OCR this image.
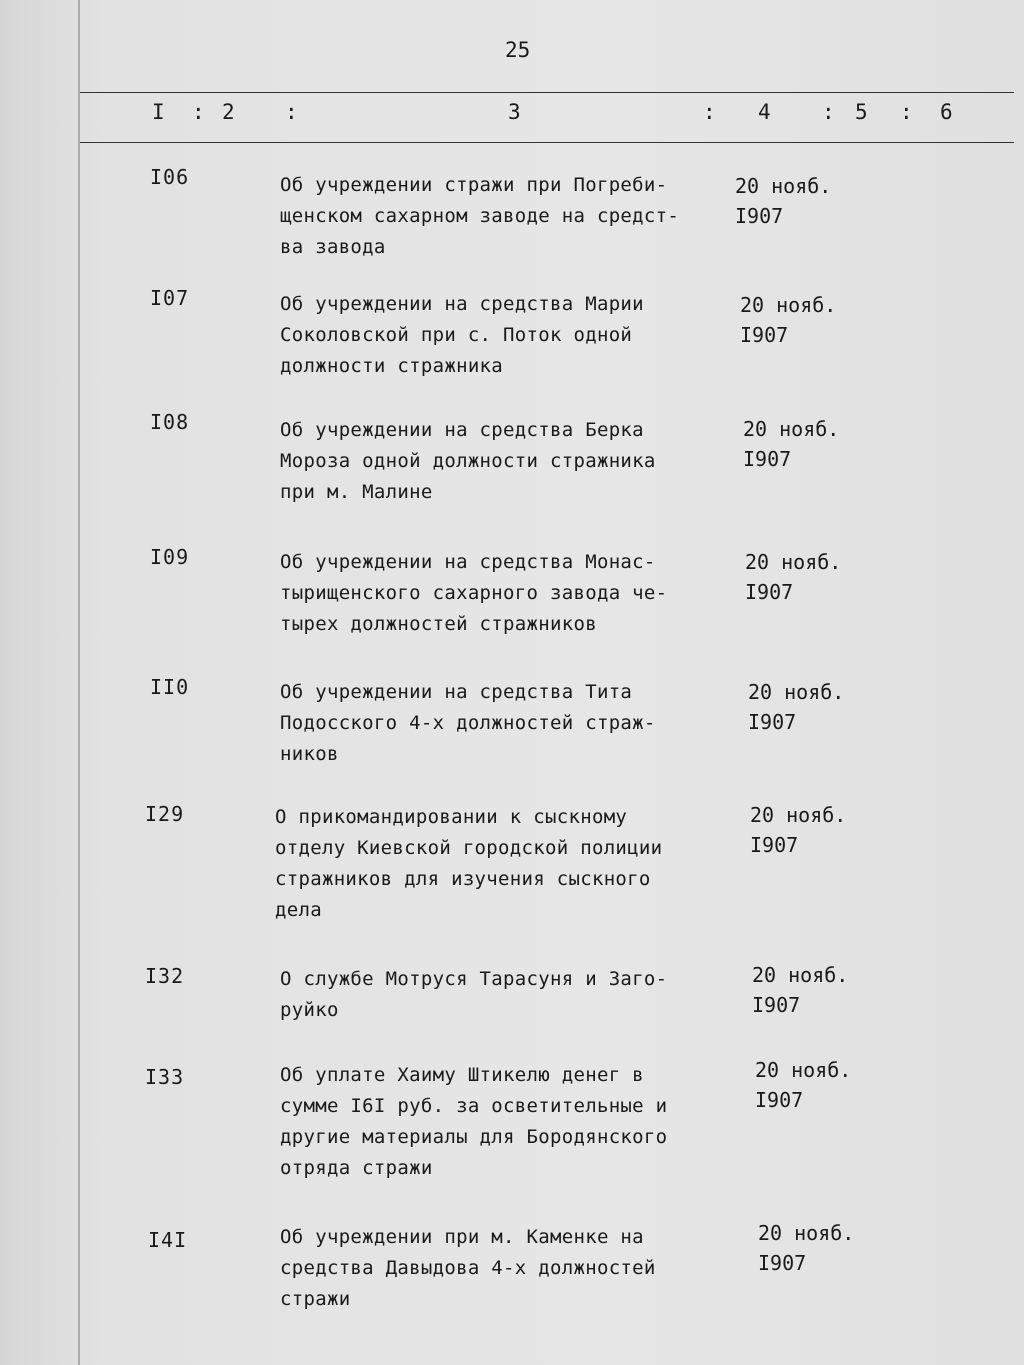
25
I : 2 :	3	: 4 : 5 : 6
I06	Об учреждении стражи при Погреби-
щенском сахарном заводе на средст-
ва завода
20 нояб.
I907
I07	Об учреждении на средства Марии
Соколовской при с. Поток одной
должности стражника
20 нояб.
I907
I08	Об учреждении на средства Берка
Мороза одной должности стражника
при м. Малине
20 нояб.
I907
I09	Об учреждении на средства Монас-
тырищенского сахарного завода че-
тырех должностей стражников
20 нояб.
I907
II0	Об учреждении на средства Тита
Подосского 4-х должностей страж-
ников
20 нояб.
I907
I29	О прикомандировании к сыскному
отделу Киевской городской полиции
стражников для изучения сыскного
дела
20 нояб.
I907
I32	О службе Мотруся Тарасуня и Заго-
руйко
20 нояб.
I907
I33	Об уплате Хаиму Штикелю денег в
сумме I6I руб. за осветительные и
другие материалы для Бородянского
отряда стражи
20 нояб.
I907
I4I	Об учреждении при м. Каменке на
средства Давыдова 4-х должностей
стражи
20 нояб.
I907
